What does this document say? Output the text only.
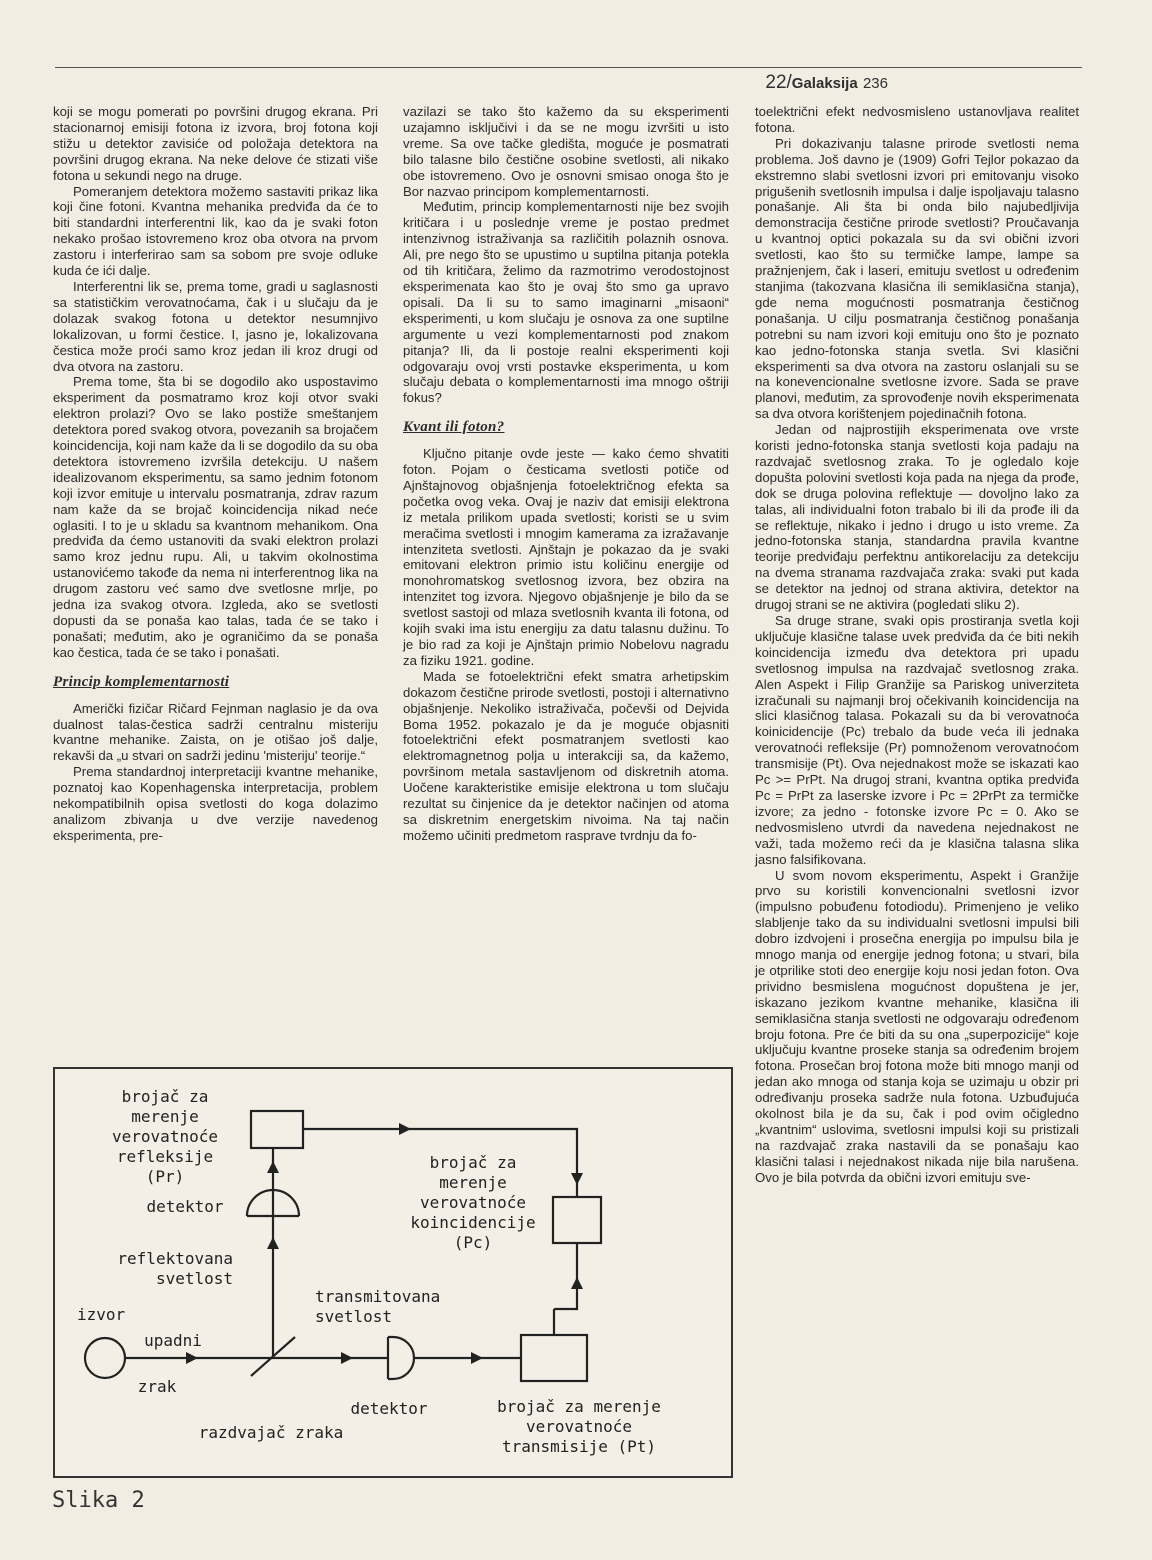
22/Galaksija 236

koji se mogu pomerati po površini drugog ekrana. Pri stacionarnoj emisiji fotona iz izvora, broj fotona koji stižu u detektor zavisiće od položaja detektora na površini drugog ekrana. Na neke delove će stizati više fotona u sekundi nego na druge.

Pomeranjem detektora možemo sastaviti prikaz lika koji čine fotoni. Kvantna mehanika predviđa da će to biti standardni interferentni lik, kao da je svaki foton nekako prošao istovremeno kroz oba otvora na prvom zastoru i interferirao sam sa sobom pre svoje odluke kuda će ići dalje.

Interferentni lik se, prema tome, gradi u saglasnosti sa statističkim verovatnoćama, čak i u slučaju da je dolazak svakog fotona u detektor nesumnjivo lokalizovan, u formi čestice. I, jasno je, lokalizovana čestica može proći samo kroz jedan ili kroz drugi od dva otvora na zastoru.

Prema tome, šta bi se dogodilo ako uspostavimo eksperiment da posmatramo kroz koji otvor svaki elektron prolazi? Ovo se lako postiže smeštanjem detektora pored svakog otvora, povezanih sa brojačem koincidencija, koji nam kaže da li se dogodilo da su oba detektora istovremeno izvršila detekciju. U našem idealizovanom eksperimentu, sa samo jednim fotonom koji izvor emituje u intervalu posmatranja, zdrav razum nam kaže da se brojač koincidencija nikad neće oglasiti. I to je u skladu sa kvantnom mehanikom. Ona predviđa da ćemo ustanoviti da svaki elektron prolazi samo kroz jednu rupu. Ali, u takvim okolnostima ustanovićemo takođe da nema ni interferentnog lika na drugom zastoru već samo dve svetlosne mrlje, po jedna iza svakog otvora. Izgleda, ako se svetlosti dopusti da se ponaša kao talas, tada će se tako i ponašati; međutim, ako je ograničimo da se ponaša kao čestica, tada će se tako i ponašati.

Princip komplementarnosti

Američki fizičar Ričard Fejnman naglasio je da ova dualnost talas-čestica sadrži centralnu misteriju kvantne mehanike. Zaista, on je otišao još dalje, rekavši da „u stvari on sadrži jedinu 'misteriju' teorije.“

Prema standardnoj interpretaciji kvantne mehanike, poznatoj kao Kopenhagenska interpretacija, problem nekompatibilnih opisa svetlosti do koga dolazimo analizom zbivanja u dve verzije navedenog eksperimenta, pre-

vazilazi se tako što kažemo da su eksperimenti uzajamno isključivi i da se ne mogu izvršiti u isto vreme. Sa ove tačke gledišta, moguće je posmatrati bilo talasne bilo čestične osobine svetlosti, ali nikako obe istovremeno. Ovo je osnovni smisao onoga što je Bor nazvao principom komplementarnosti.

Međutim, princip komplementarnosti nije bez svojih kritičara i u poslednje vreme je postao predmet intenzivnog istraživanja sa različitih polaznih osnova. Ali, pre nego što se upustimo u suptilna pitanja potekla od tih kritičara, želimo da razmotrimo verodostojnost eksperimenata kao što je ovaj što smo ga upravo opisali. Da li su to samo imaginarni „misaoni“ eksperimenti, u kom slučaju je osnova za one suptilne argumente u vezi komplementarnosti pod znakom pitanja? Ili, da li postoje realni eksperimenti koji odgovaraju ovoj vrsti postavke eksperimenta, u kom slučaju debata o komplementarnosti ima mnogo oštriji fokus?

Kvant ili foton?

Ključno pitanje ovde jeste — kako ćemo shvatiti foton. Pojam o česticama svetlosti potiče od Ajnštajnovog objašnjenja fotoelektričnog efekta sa početka ovog veka. Ovaj je naziv dat emisiji elektrona iz metala prilikom upada svetlosti; koristi se u svim meračima svetlosti i mnogim kamerama za izražavanje intenziteta svetlosti. Ajnštajn je pokazao da je svaki emitovani elektron primio istu količinu energije od monohromatskog svetlosnog izvora, bez obzira na intenzitet tog izvora. Njegovo objašnjenje je bilo da se svetlost sastoji od mlaza svetlosnih kvanta ili fotona, od kojih svaki ima istu energiju za datu talasnu dužinu. To je bio rad za koji je Ajnštajn primio Nobelovu nagradu za fiziku 1921. godine.

Mada se fotoelektrični efekt smatra arhetipskim dokazom čestične prirode svetlosti, postoji i alternativno objašnjenje. Nekoliko istraživača, počevši od Dejvida Boma 1952. pokazalo je da je moguće objasniti fotoelektrični efekt posmatranjem svetlosti kao elektromagnetnog polja u interakciji sa, da kažemo, površinom metala sastavljenom od diskretnih atoma. Uočene karakteristike emisije elektrona u tom slučaju rezultat su činjenice da je detektor načinjen od atoma sa diskretnim energetskim nivoima. Na taj način možemo učiniti predmetom rasprave tvrdnju da fo-

toelektrični efekt nedvosmisleno ustanovljava realitet fotona.

Pri dokazivanju talasne prirode svetlosti nema problema. Još davno je (1909) Gofri Tejlor pokazao da ekstremno slabi svetlosni izvori pri emitovanju visoko prigušenih svetlosnih impulsa i dalje ispoljavaju talasno ponašanje. Ali šta bi onda bilo najubedljivija demonstracija čestične prirode svetlosti? Proučavanja u kvantnoj optici pokazala su da svi obični izvori svetlosti, kao što su termičke lampe, lampe sa pražnjenjem, čak i laseri, emituju svetlost u određenim stanjima (takozvana klasična ili semiklasična stanja), gde nema mogućnosti posmatranja čestičnog ponašanja. U cilju posmatranja čestičnog ponašanja potrebni su nam izvori koji emituju ono što je poznato kao jedno-fotonska stanja svetla. Svi klasični eksperimenti sa dva otvora na zastoru oslanjali su se na konevencionalne svetlosne izvore. Sada se prave planovi, međutim, za sprovođenje novih eksperimenata sa dva otvora korištenjem pojedinačnih fotona.

Jedan od najprostijih eksperimenata ove vrste koristi jedno-fotonska stanja svetlosti koja padaju na razdvajač svetlosnog zraka. To je ogledalo koje dopušta polovini svetlosti koja pada na njega da prođe, dok se druga polovina reflektuje — dovoljno lako za talas, ali individualni foton trabalo bi ili da prođe ili da se reflektuje, nikako i jedno i drugo u isto vreme. Za jedno-fotonska stanja, standardna pravila kvantne teorije predviđaju perfektnu antikorelaciju za detekciju na dvema stranama razdvajača zraka: svaki put kada se detektor na jednoj od strana aktivira, detektor na drugoj strani se ne aktivira (pogledati sliku 2).

Sa druge strane, svaki opis prostiranja svetla koji uključuje klasične talase uvek predviđa da će biti nekih koincidencija između dva detektora pri upadu svetlosnog impulsa na razdvajač svetlosnog zraka. Alen Aspekt i Filip Granžije sa Pariskog univerziteta izračunali su najmanji broj očekivanih koincidencija na slici klasičnog talasa. Pokazali su da bi verovatnoća koinicidencije (Pc) trebalo da bude veća ili jednaka verovatnoći refleksije (Pr) pomnoženom verovatnoćom transmisije (Pt). Ova nejednakost može se iskazati kao Pc >= PrPt. Na drugoj strani, kvantna optika predviđa Pc = PrPt za laserske izvore i Pc = 2PrPt za termičke izvore; za jedno - fotonske izvore Pc = 0. Ako se nedvosmisleno utvrdi da navedena nejednakost ne važi, tada možemo reći da je klasična talasna slika jasno falsifikovana.

U svom novom eksperimentu, Aspekt i Granžije prvo su koristili konvencionalni svetlosni izvor (impulsno pobuđenu fotodiodu). Primenjeno je veliko slabljenje tako da su individualni svetlosni impulsi bili dobro izdvojeni i prosečna energija po impulsu bila je mnogo manja od energije jednog fotona; u stvari, bila je otprilike stoti deo energije koju nosi jedan foton. Ova prividno besmislena mogućnost dopuštena je jer, iskazano jezikom kvantne mehanike, klasična ili semiklasična stanja svetlosti ne odgovaraju određenom broju fotona. Pre će biti da su ona „superpozicije“ koje uključuju kvantne proseke stanja sa određenim brojem fotona. Prosečan broj fotona može biti mnogo manji od jedan ako mnoga od stanja koja se uzimaju u obzir pri određivanju proseka sadrže nula fotona. Uzbuđujuća okolnost bila je da su, čak i pod ovim očigledno „kvantnim“ uslovima, svetlosni impulsi koji su pristizali na razdvajač zraka nastavili da se ponašaju kao klasični talasi i nejednakost nikada nije bila narušena. Ovo je bila potvrda da obični izvori emituju sve-

brojač za
merenje
verovatnoće
refleksije
(Pr)
detektor
reflektovana
svetlost
izvor
upadni
zrak
razdvajač zraka
transmitovana
svetlost
brojač za
merenje
verovatnoće
koincidencije
(Pc)
detektor	brojač za merenje
verovatnoće
transmisije (Pt)
Slika 2
